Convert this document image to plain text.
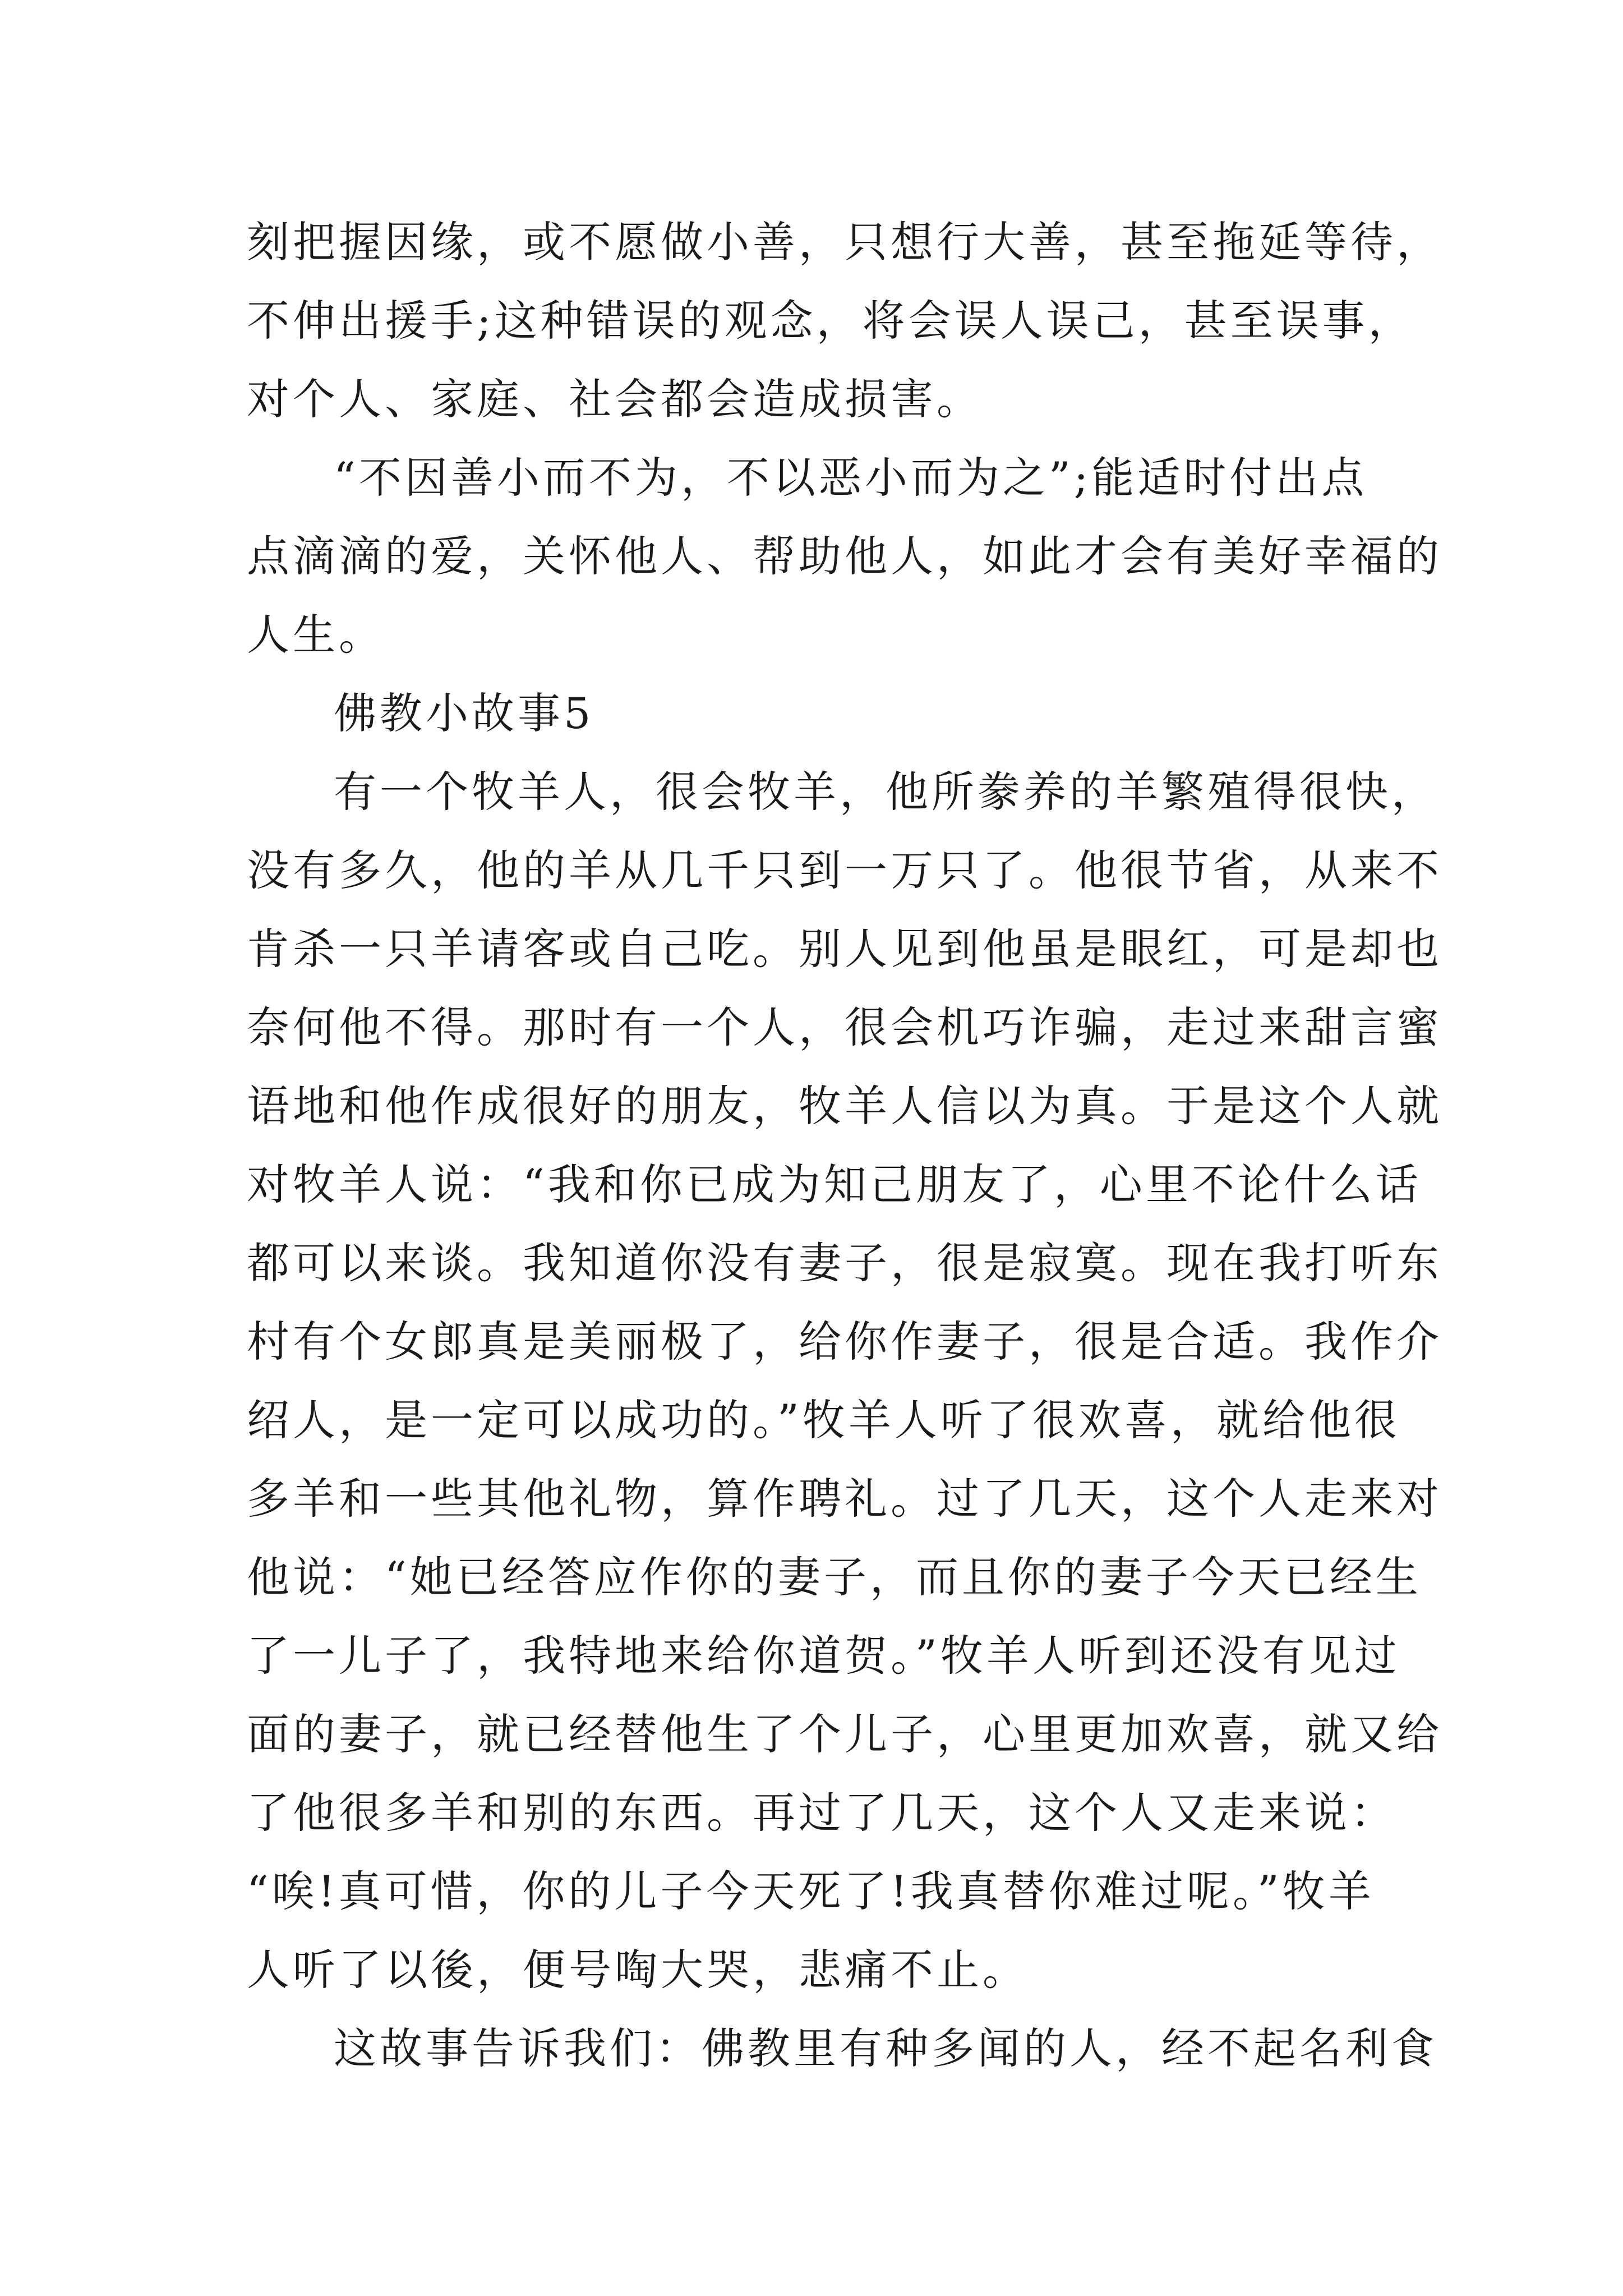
刻把握因缘，或不愿做小善，只想行大善，甚至拖延等待，
不伸出援手;这种错误的观念，将会误人误己，甚至误事，
对个人、家庭、社会都会造成损害。
“不因善小而不为，不以恶小而为之”;能适时付出点
点滴滴的爱，关怀他人、帮助他人，如此才会有美好幸福的
人生。
佛教小故事5
有一个牧羊人，很会牧羊，他所豢养的羊繁殖得很快，
没有多久，他的羊从几千只到一万只了。他很节省，从来不
肯杀一只羊请客或自己吃。别人见到他虽是眼红，可是却也
奈何他不得。那时有一个人，很会机巧诈骗，走过来甜言蜜
语地和他作成很好的朋友，牧羊人信以为真。于是这个人就
对牧羊人说：“我和你已成为知己朋友了，心里不论什么话
都可以来谈。我知道你没有妻子，很是寂寞。现在我打听东
村有个女郎真是美丽极了，给你作妻子，很是合适。我作介
绍人，是一定可以成功的。”牧羊人听了很欢喜，就给他很
多羊和一些其他礼物，算作聘礼。过了几天，这个人走来对
他说：“她已经答应作你的妻子，而且你的妻子今天已经生
了一儿子了，我特地来给你道贺。”牧羊人听到还没有见过
面的妻子，就已经替他生了个儿子，心里更加欢喜，就又给
了他很多羊和别的东西。再过了几天，这个人又走来说：
“唉!真可惜，你的儿子今天死了!我真替你难过呢。”牧羊
人听了以後，便号啕大哭，悲痛不止。
这故事告诉我们：佛教里有种多闻的人，经不起名利食
